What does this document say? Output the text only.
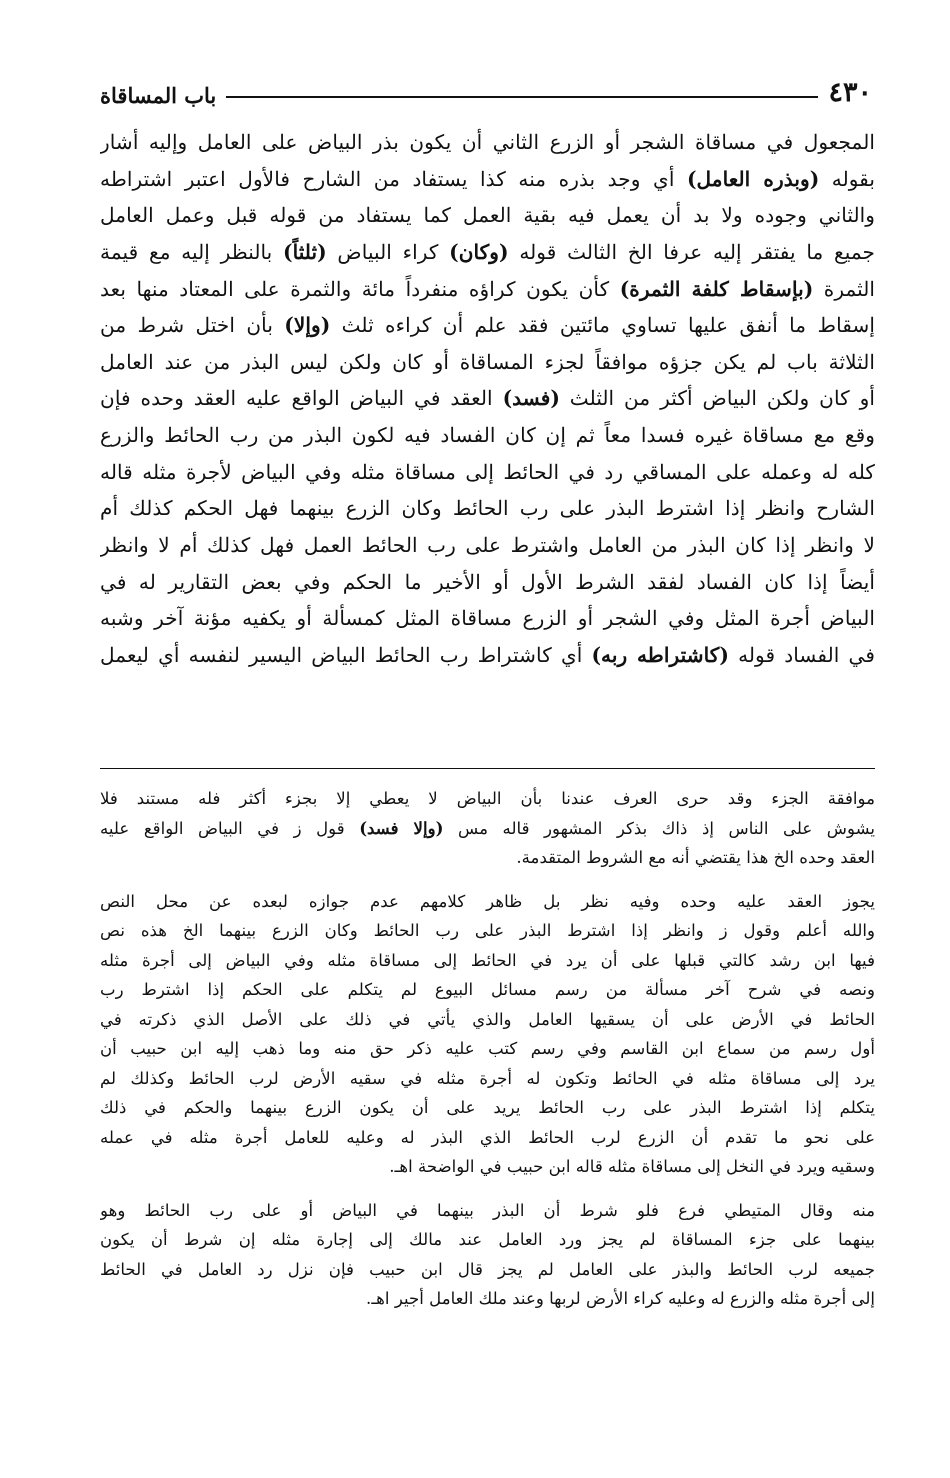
٤٣٠
باب المساقاة
المجعول في مساقاة الشجر أو الزرع الثاني أن يكون بذر البياض على العامل وإليه أشار
بقوله (وبذره العامل) أي وجد بذره منه كذا يستفاد من الشارح فالأول اعتبر اشتراطه
والثاني وجوده ولا بد أن يعمل فيه بقية العمل كما يستفاد من قوله قبل وعمل العامل
جميع ما يفتقر إليه عرفا الخ الثالث قوله (وكان) كراء البياض (ثلثاً) بالنظر إليه مع قيمة
الثمرة (بإسقاط كلفة الثمرة) كأن يكون كراؤه منفرداً مائة والثمرة على المعتاد منها بعد
إسقاط ما أنفق عليها تساوي مائتين فقد علم أن كراءه ثلث (وإلا) بأن اختل شرط من
الثلاثة باب لم يكن جزؤه موافقاً لجزء المساقاة أو كان ولكن ليس البذر من عند العامل
أو كان ولكن البياض أكثر من الثلث (فسد) العقد في البياض الواقع عليه العقد وحده فإن
وقع مع مساقاة غيره فسدا معاً ثم إن كان الفساد فيه لكون البذر من رب الحائط والزرع
كله له وعمله على المساقي رد في الحائط إلى مساقاة مثله وفي البياض لأجرة مثله قاله
الشارح وانظر إذا اشترط البذر على رب الحائط وكان الزرع بينهما فهل الحكم كذلك أم
لا وانظر إذا كان البذر من العامل واشترط على رب الحائط العمل فهل كذلك أم لا وانظر
أيضاً إذا كان الفساد لفقد الشرط الأول أو الأخير ما الحكم وفي بعض التقارير له في
البياض أجرة المثل وفي الشجر أو الزرع مساقاة المثل كمسألة أو يكفيه مؤنة آخر وشبه
في الفساد قوله (كاشتراطه ربه) أي كاشتراط رب الحائط البياض اليسير لنفسه أي ليعمل
موافقة الجزء وقد حرى العرف عندنا بأن البياض لا يعطي إلا بجزء أكثر فله مستند فلا
يشوش على الناس إذ ذاك بذكر المشهور قاله مس (وإلا فسد) قول ز في البياض الواقع عليه
العقد وحده الخ هذا يقتضي أنه مع الشروط المتقدمة.
يجوز العقد عليه وحده وفيه نظر بل ظاهر كلامهم عدم جوازه لبعده عن محل النص
والله أعلم وقول ز وانظر إذا اشترط البذر على رب الحائط وكان الزرع بينهما الخ هذه نص
فيها ابن رشد كالتي قبلها على أن يرد في الحائط إلى مساقاة مثله وفي البياض إلى أجرة مثله
ونصه في شرح آخر مسألة من رسم مسائل البيوع لم يتكلم على الحكم إذا اشترط رب
الحائط في الأرض على أن يسقيها العامل والذي يأتي في ذلك على الأصل الذي ذكرته في
أول رسم من سماع ابن القاسم وفي رسم كتب عليه ذكر حق منه وما ذهب إليه ابن حبيب أن
يرد إلى مساقاة مثله في الحائط وتكون له أجرة مثله في سقيه الأرض لرب الحائط وكذلك لم
يتكلم إذا اشترط البذر على رب الحائط يريد على أن يكون الزرع بينهما والحكم في ذلك
على نحو ما تقدم أن الزرع لرب الحائط الذي البذر له وعليه للعامل أجرة مثله في عمله
وسقيه ويرد في النخل إلى مساقاة مثله قاله ابن حبيب في الواضحة اهـ.
منه وقال المتيطي فرع فلو شرط أن البذر بينهما في البياض أو على رب الحائط وهو
بينهما على جزء المساقاة لم يجز ورد العامل عند مالك إلى إجارة مثله إن شرط أن يكون
جميعه لرب الحائط والبذر على العامل لم يجز قال ابن حبيب فإن نزل رد العامل في الحائط
إلى أجرة مثله والزرع له وعليه كراء الأرض لربها وعند ملك العامل أجير اهـ.
